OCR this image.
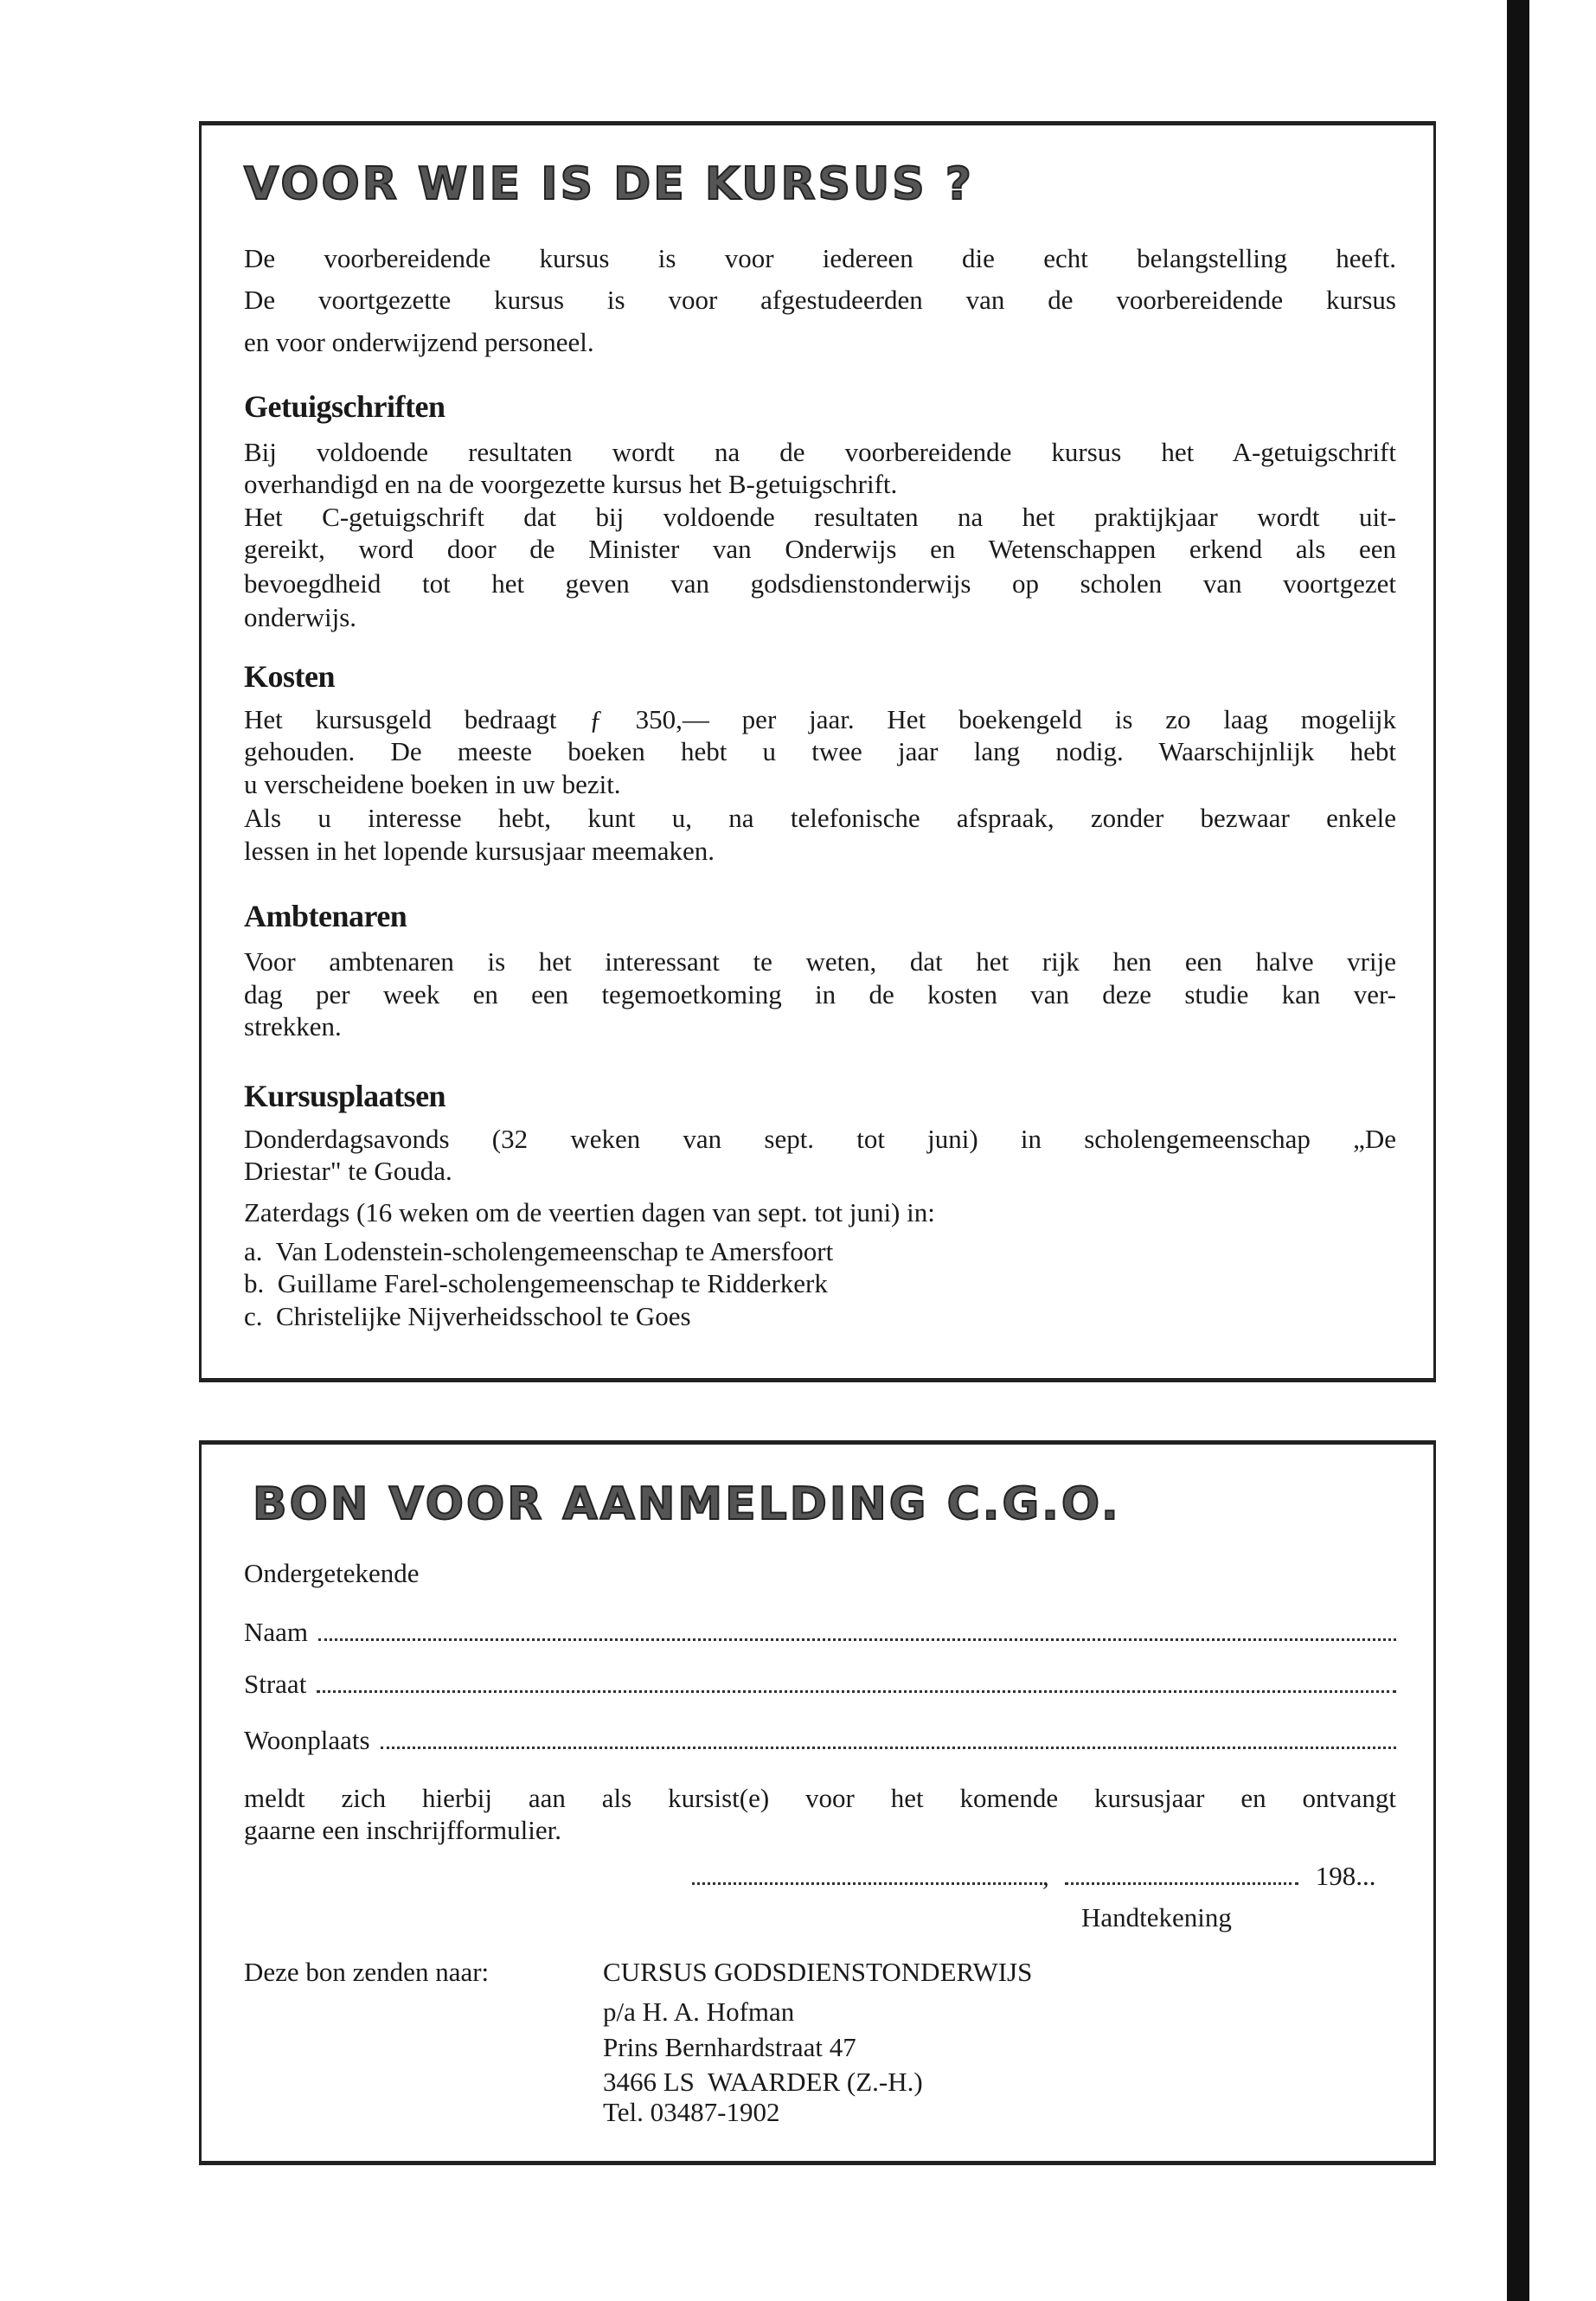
VOOR WIE IS DE KURSUS ?
De voorbereidende kursus is voor iedereen die echt belangstelling heeft.
De voortgezette kursus is voor afgestudeerden van de voorbereidende kursus
en voor onderwijzend personeel.
Getuigschriften
Bij voldoende resultaten wordt na de voorbereidende kursus het A-getuigschrift
overhandigd en na de voorgezette kursus het B-getuigschrift.
Het C-getuigschrift dat bij voldoende resultaten na het praktijkjaar wordt uit-
gereikt, word door de Minister van Onderwijs en Wetenschappen erkend als een
bevoegdheid tot het geven van godsdienstonderwijs op scholen van voortgezet
onderwijs.
Kosten
Het kursusgeld bedraagt ƒ 350,— per jaar. Het boekengeld is zo laag mogelijk
gehouden. De meeste boeken hebt u twee jaar lang nodig. Waarschijnlijk hebt
u verscheidene boeken in uw bezit.
Als u interesse hebt, kunt u, na telefonische afspraak, zonder bezwaar enkele
lessen in het lopende kursusjaar meemaken.
Ambtenaren
Voor ambtenaren is het interessant te weten, dat het rijk hen een halve vrije
dag per week en een tegemoetkoming in de kosten van deze studie kan ver-
strekken.
Kursusplaatsen
Donderdagsavonds (32 weken van sept. tot juni) in scholengemeenschap „De
Driestar" te Gouda.
Zaterdags (16 weken om de veertien dagen van sept. tot juni) in:
a.  Van Lodenstein-scholengemeenschap te Amersfoort
b.  Guillame Farel-scholengemeenschap te Ridderkerk
c.  Christelijke Nijverheidsschool te Goes
BON VOOR AANMELDING C.G.O.
Ondergetekende
Naam
Straat
Woonplaats
meldt zich hierbij aan als kursist(e) voor het komende kursusjaar en ontvangt
gaarne een inschrijfformulier.
,	198...
Handtekening
Deze bon zenden naar:	CURSUS GODSDIENSTONDERWIJS
p/a H. A. Hofman
Prins Bernhardstraat 47
3466 LS  WAARDER (Z.-H.)
Tel. 03487-1902
